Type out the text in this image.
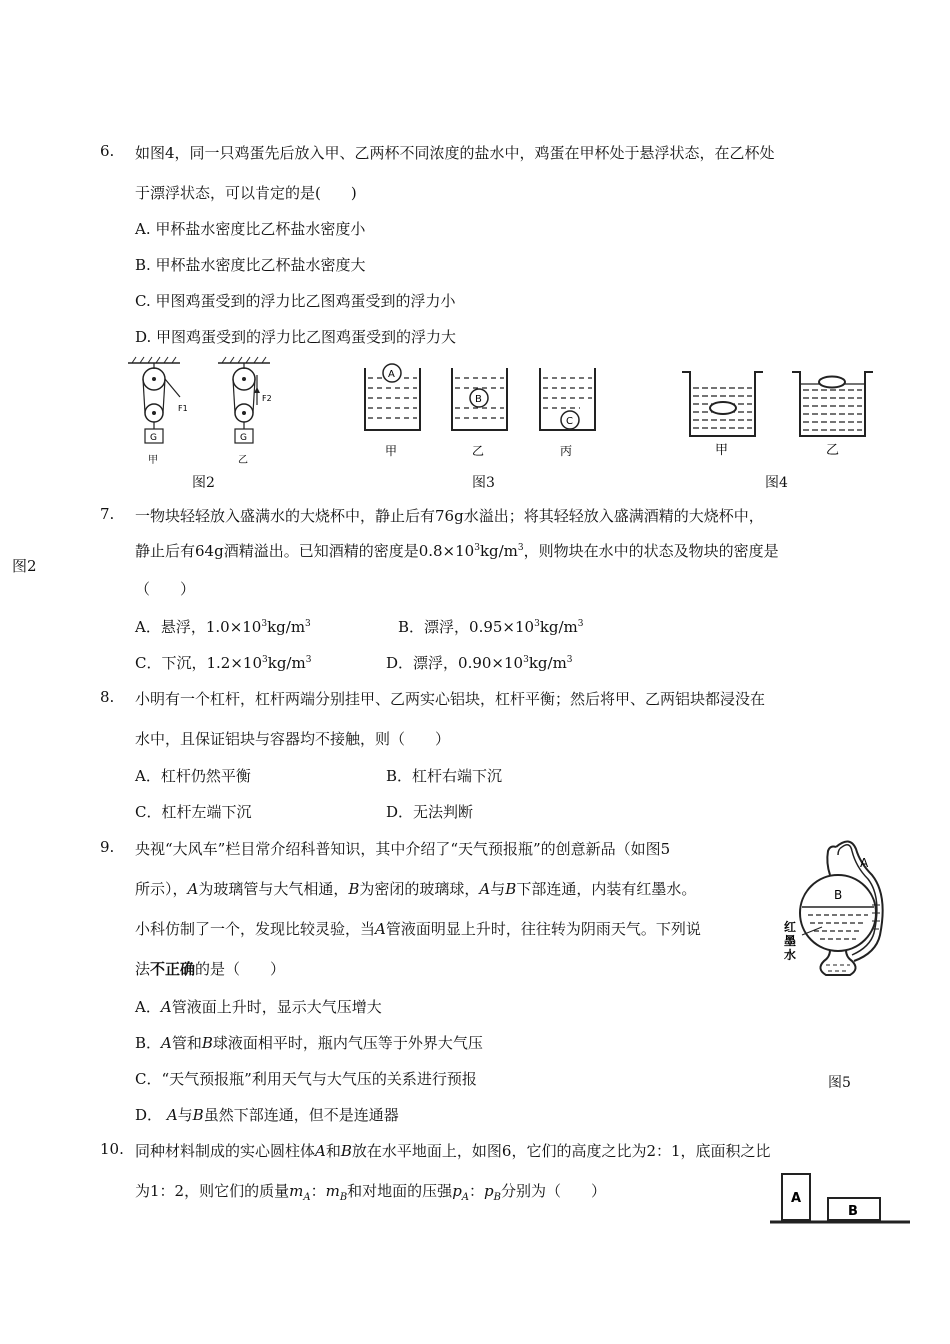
6. 如图4，同一只鸡蛋先后放入甲、乙两杯不同浓度的盐水中，鸡蛋在甲杯处于悬浮状态，在乙杯处
于漂浮状态，可以肯定的是(　　)
A. 甲杯盐水密度比乙杯盐水密度小
B. 甲杯盐水密度比乙杯盐水密度大
C. 甲图鸡蛋受到的浮力比乙图鸡蛋受到的浮力小
D. 甲图鸡蛋受到的浮力比乙图鸡蛋受到的浮力大
G
F1
甲
G
F2
乙
图2
A
B
C
甲	乙	丙
图3
甲	乙
图4
7. 一物块轻轻放入盛满水的大烧杯中，静止后有76g水溢出；将其轻轻放入盛满酒精的大烧杯中，
图2
静止后有64g酒精溢出。已知酒精的密度是$0.8\times 10^3kg/m^3$，则物块在水中的状态及物块的密度是
（　　）
A．悬浮，$1.0\times 10^3kg/m^3$	B．漂浮，$0.95\times 10^3kg/m^3$
C．下沉，$1.2\times 10^3kg/m^3$	D．漂浮，$0.90\times 10^3kg/m^3$
8. 小明有一个杠杆，杠杆两端分别挂甲、乙两实心铝块，杠杆平衡；然后将甲、乙两铝块都浸没在
水中，且保证铝块与容器均不接触，则（　　）
A．杠杆仍然平衡	B．杠杆右端下沉
C．杠杆左端下沉	D．无法判断
9. 央视“大风车”栏目常介绍科普知识，其中介绍了“天气预报瓶”的创意新品（如图5
所示），A为玻璃管与大气相通，B为密闭的玻璃球，A与B下部连通，内装有红墨水。
小科仿制了一个，发现比较灵验，当A管液面明显上升时，往往转为阴雨天气。下列说
法不正确的是（　　）
A．A管液面上升时，显示大气压增大
B．A管和B球液面相平时，瓶内气压等于外界大气压
C．“天气预报瓶”利用天气与大气压的关系进行预报
D． A与B虽然下部连通，但不是连通器
A
B
红 墨 水
图5
10. 同种材料制成的实心圆柱体A和B放在水平地面上，如图6，它们的高度之比为2：1，底面积之比
为1：2，则它们的质量$m_A$：$m_B$和对地面的压强$p_A$：$p_B$分别为（　　）	A
B
